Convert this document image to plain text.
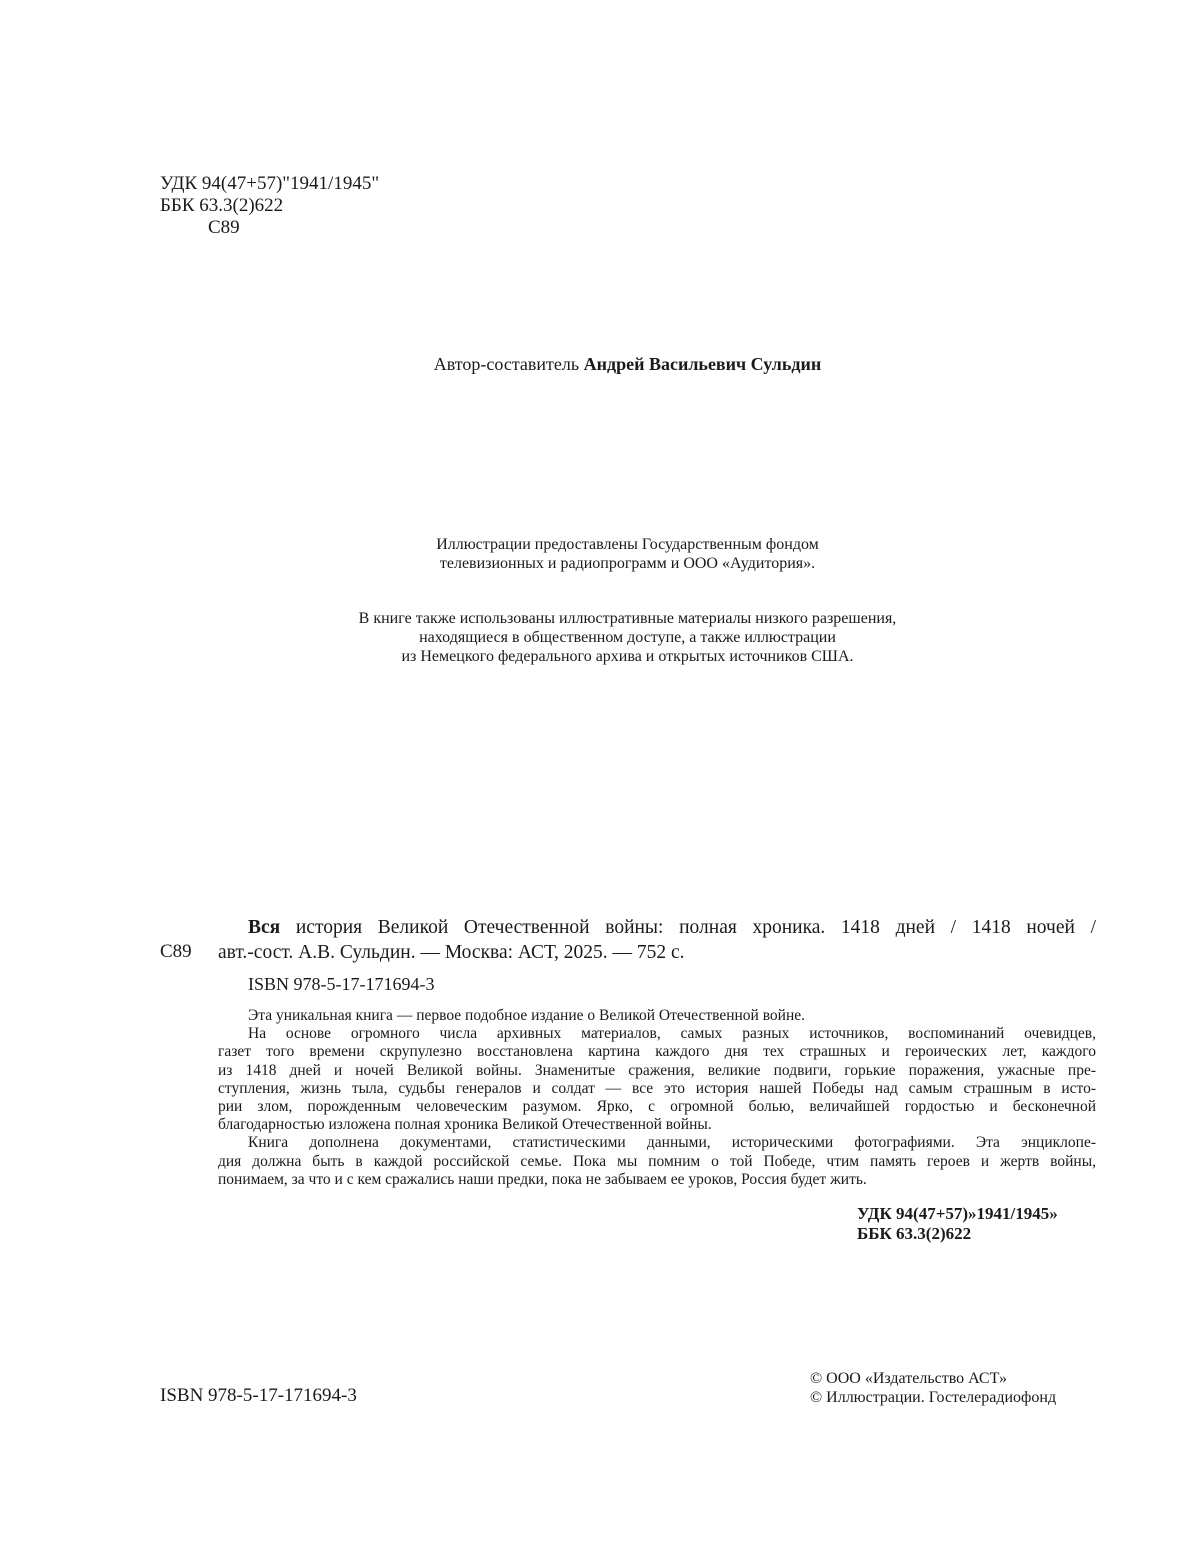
УДК 94(47+57)"1941/1945"
ББК 63.3(2)622
С89
Автор-составитель Андрей Васильевич Сульдин
Иллюстрации предоставлены Государственным фондом
телевизионных и радиопрограмм и ООО «Аудитория».
В книге также использованы иллюстративные материалы низкого разрешения,
находящиеся в общественном доступе, а также иллюстрации
из Немецкого федерального архива и открытых источников США.
С89
Вся история Великой Отечественной войны: полная хроника. 1418 дней / 1418 ночей /
авт.-сост. А.В. Сульдин. — Москва: АСТ, 2025. — 752 с.
ISBN 978-5-17-171694-3
Эта уникальная книга — первое подобное издание о Великой Отечественной войне.
На основе огромного числа архивных материалов, самых разных источников, воспоминаний очевидцев,
газет того времени скрупулезно восстановлена картина каждого дня тех страшных и героических лет, каждого
из 1418 дней и ночей Великой войны. Знаменитые сражения, великие подвиги, горькие поражения, ужасные пре-
ступления, жизнь тыла, судьбы генералов и солдат — все это история нашей Победы над самым страшным в исто-
рии злом, порожденным человеческим разумом. Ярко, с огромной болью, величайшей гордостью и бесконечной
благодарностью изложена полная хроника Великой Отечественной войны.
Книга дополнена документами, статистическими данными, историческими фотографиями. Эта энциклопе-
дия должна быть в каждой российской семье. Пока мы помним о той Победе, чтим память героев и жертв войны,
понимаем, за что и с кем сражались наши предки, пока не забываем ее уроков, Россия будет жить.
УДК 94(47+57)»1941/1945»
ББК 63.3(2)622
ISBN 978-5-17-171694-3
© ООО «Издательство АСТ»
© Иллюстрации. Гостелерадиофонд
